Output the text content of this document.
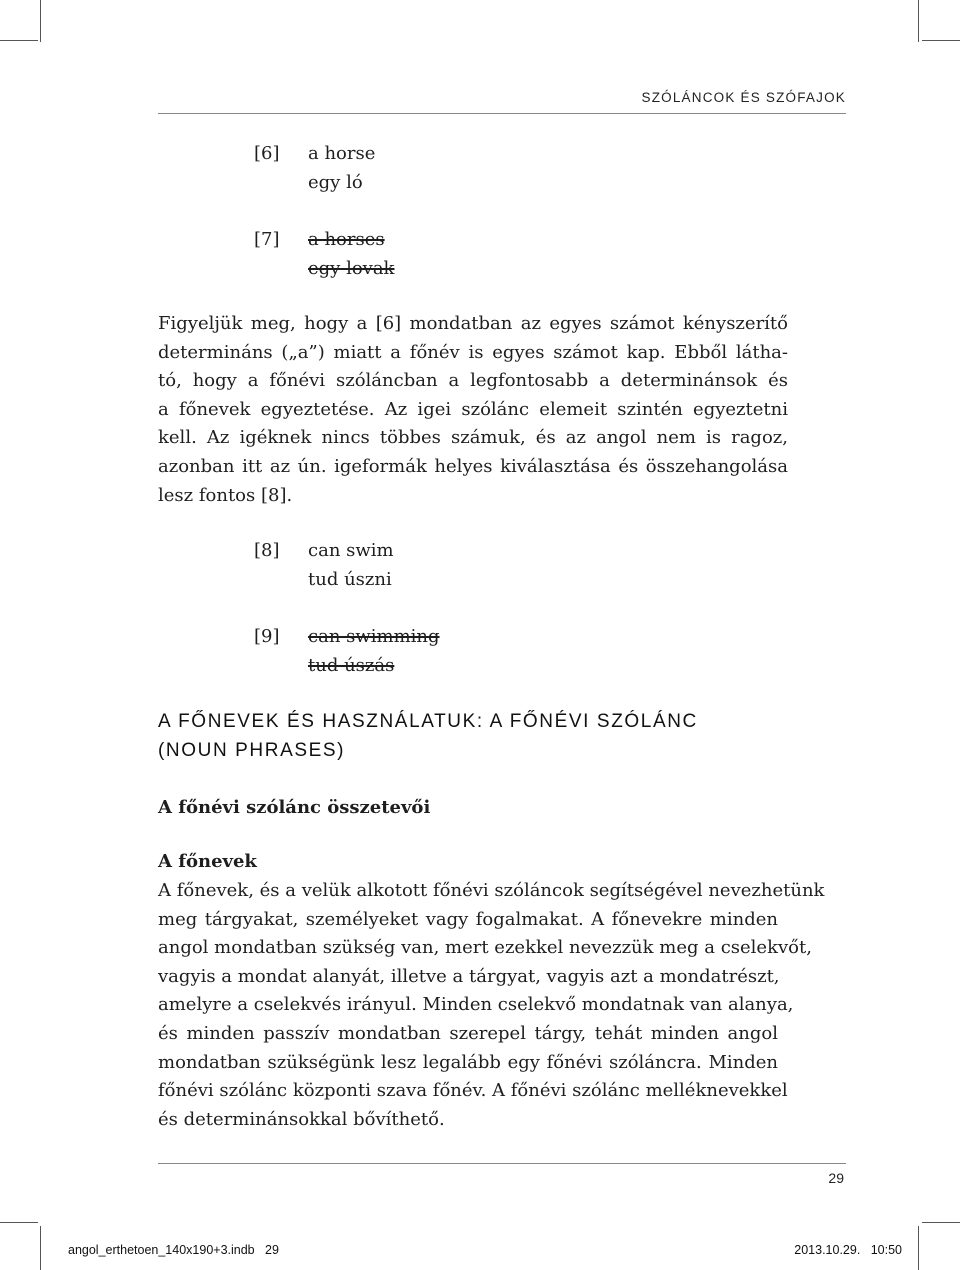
SZÓLÁNCOK ÉS SZÓFAJOK
[6] a horse
egy ló
[7] a horses
egy lovak

Figyeljük meg, hogy a [6] mondatban az egyes számot kényszerítő
determináns („a”) miatt a főnév is egyes számot kap. Ebből látha-
tó, hogy a főnévi szóláncban a legfontosabb a determinánsok és
a főnevek egyeztetése. Az igei szólánc elemeit szintén egyeztetni
kell. Az igéknek nincs többes számuk, és az angol nem is ragoz,
azonban itt az ún. igeformák helyes kiválasztása és összehangolása
lesz fontos [8].

[8] can swim
tud úszni
[9] can swimming
tud úszás
A FŐNEVEK ÉS HASZNÁLATUK: A FŐNÉVI SZÓLÁNC
(NOUN PHRASES)
A főnévi szólánc összetevői
A főnevek

A főnevek, és a velük alkotott főnévi szóláncok segítségével nevezhetünk
meg tárgyakat, személyeket vagy fogalmakat. A főnevekre minden
angol mondatban szükség van, mert ezekkel nevezzük meg a cselekvőt,
vagyis a mondat alanyát, illetve a tárgyat, vagyis azt a mondatrészt,
amelyre a cselekvés irányul. Minden cselekvő mondatnak van alanya,
és minden passzív mondatban szerepel tárgy, tehát minden angol
mondatban szükségünk lesz legalább egy főnévi szóláncra. Minden
főnévi szólánc központi szava főnév. A főnévi szólánc melléknevekkel
és determinánsokkal bővíthető.

29
angol_erthetoen_140x190+3.indb   29	2013.10.29.   10:50
